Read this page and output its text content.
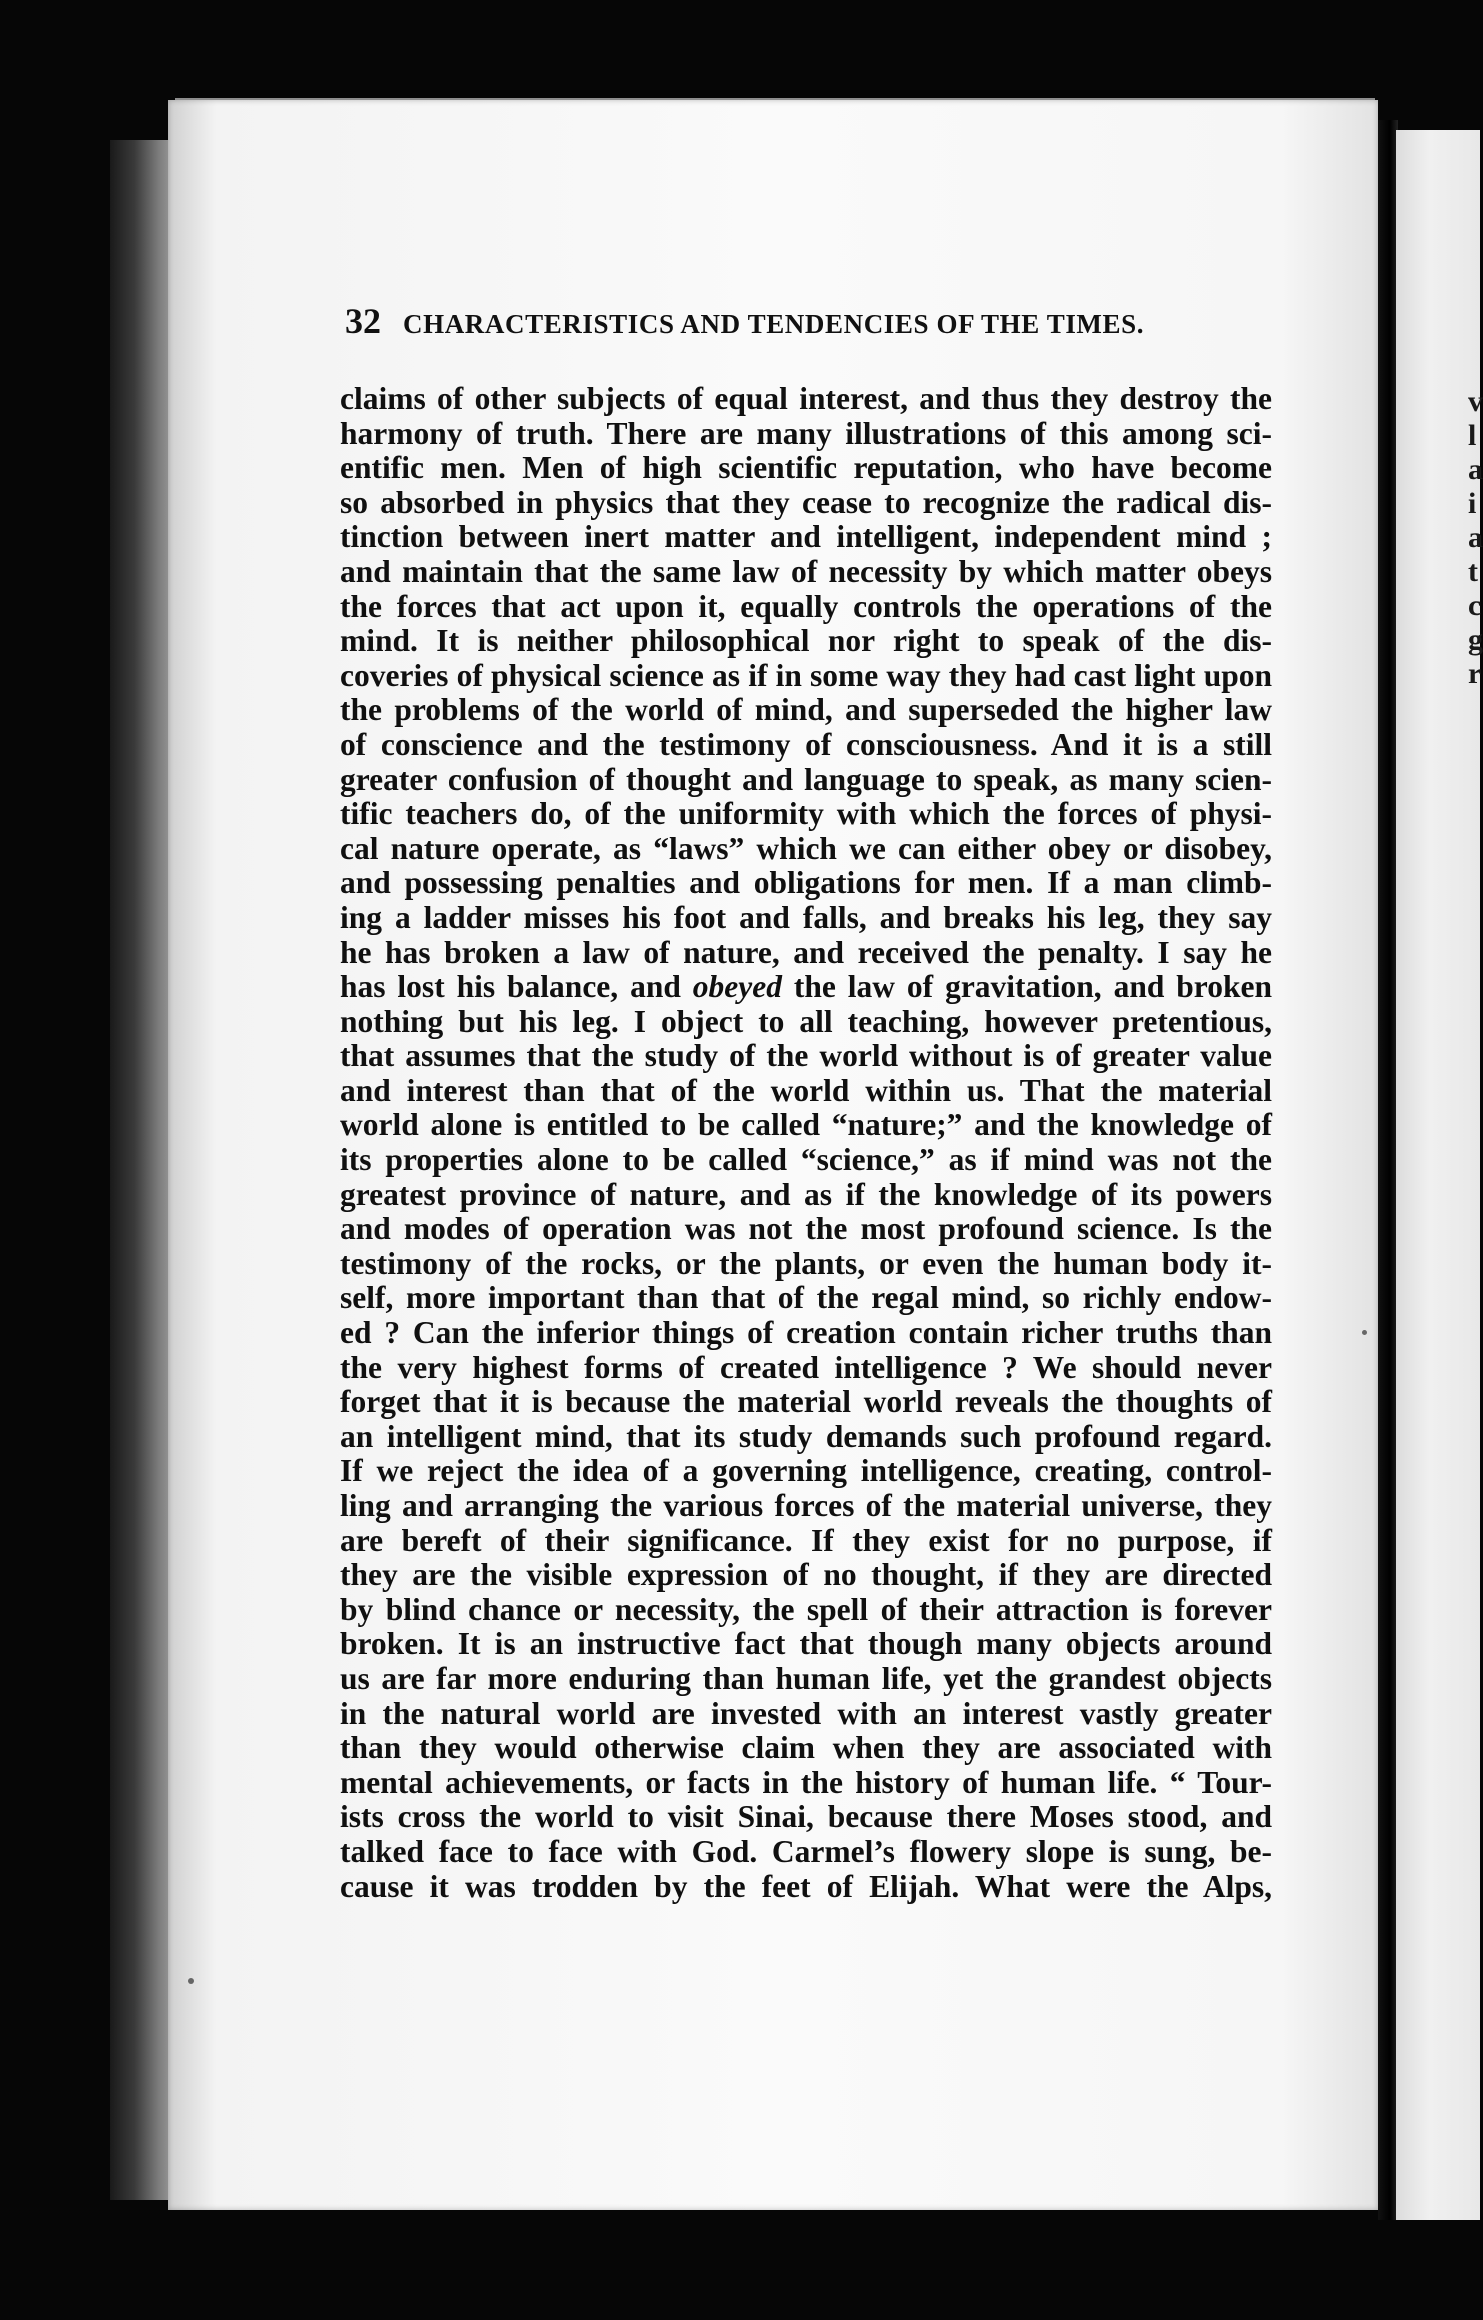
v
l
a
i
a
t
c
g
r
32 CHARACTERISTICS AND TENDENCIES OF THE TIMES.
claims of other subjects of equal interest, and thus they destroy the
harmony of truth. There are many illustrations of this among sci-
entific men. Men of high scientific reputation, who have become
so absorbed in physics that they cease to recognize the radical dis-
tinction between inert matter and intelligent, independent mind ;
and maintain that the same law of necessity by which matter obeys
the forces that act upon it, equally controls the operations of the
mind. It is neither philosophical nor right to speak of the dis-
coveries of physical science as if in some way they had cast light upon
the problems of the world of mind, and superseded the higher law
of conscience and the testimony of consciousness. And it is a still
greater confusion of thought and language to speak, as many scien-
tific teachers do, of the uniformity with which the forces of physi-
cal nature operate, as “laws” which we can either obey or disobey,
and possessing penalties and obligations for men. If a man climb-
ing a ladder misses his foot and falls, and breaks his leg, they say
he has broken a law of nature, and received the penalty. I say he
has lost his balance, and obeyed the law of gravitation, and broken
nothing but his leg. I object to all teaching, however pretentious,
that assumes that the study of the world without is of greater value
and interest than that of the world within us. That the material
world alone is entitled to be called “nature;” and the knowledge of
its properties alone to be called “science,” as if mind was not the
greatest province of nature, and as if the knowledge of its powers
and modes of operation was not the most profound science. Is the
testimony of the rocks, or the plants, or even the human body it-
self, more important than that of the regal mind, so richly endow-
ed ? Can the inferior things of creation contain richer truths than
the very highest forms of created intelligence ? We should never
forget that it is because the material world reveals the thoughts of
an intelligent mind, that its study demands such profound regard.
If we reject the idea of a governing intelligence, creating, control-
ling and arranging the various forces of the material universe, they
are bereft of their significance. If they exist for no purpose, if
they are the visible expression of no thought, if they are directed
by blind chance or necessity, the spell of their attraction is forever
broken. It is an instructive fact that though many objects around
us are far more enduring than human life, yet the grandest objects
in the natural world are invested with an interest vastly greater
than they would otherwise claim when they are associated with
mental achievements, or facts in the history of human life. “ Tour-
ists cross the world to visit Sinai, because there Moses stood, and
talked face to face with God. Carmel’s flowery slope is sung, be-
cause it was trodden by the feet of Elijah. What were the Alps,
